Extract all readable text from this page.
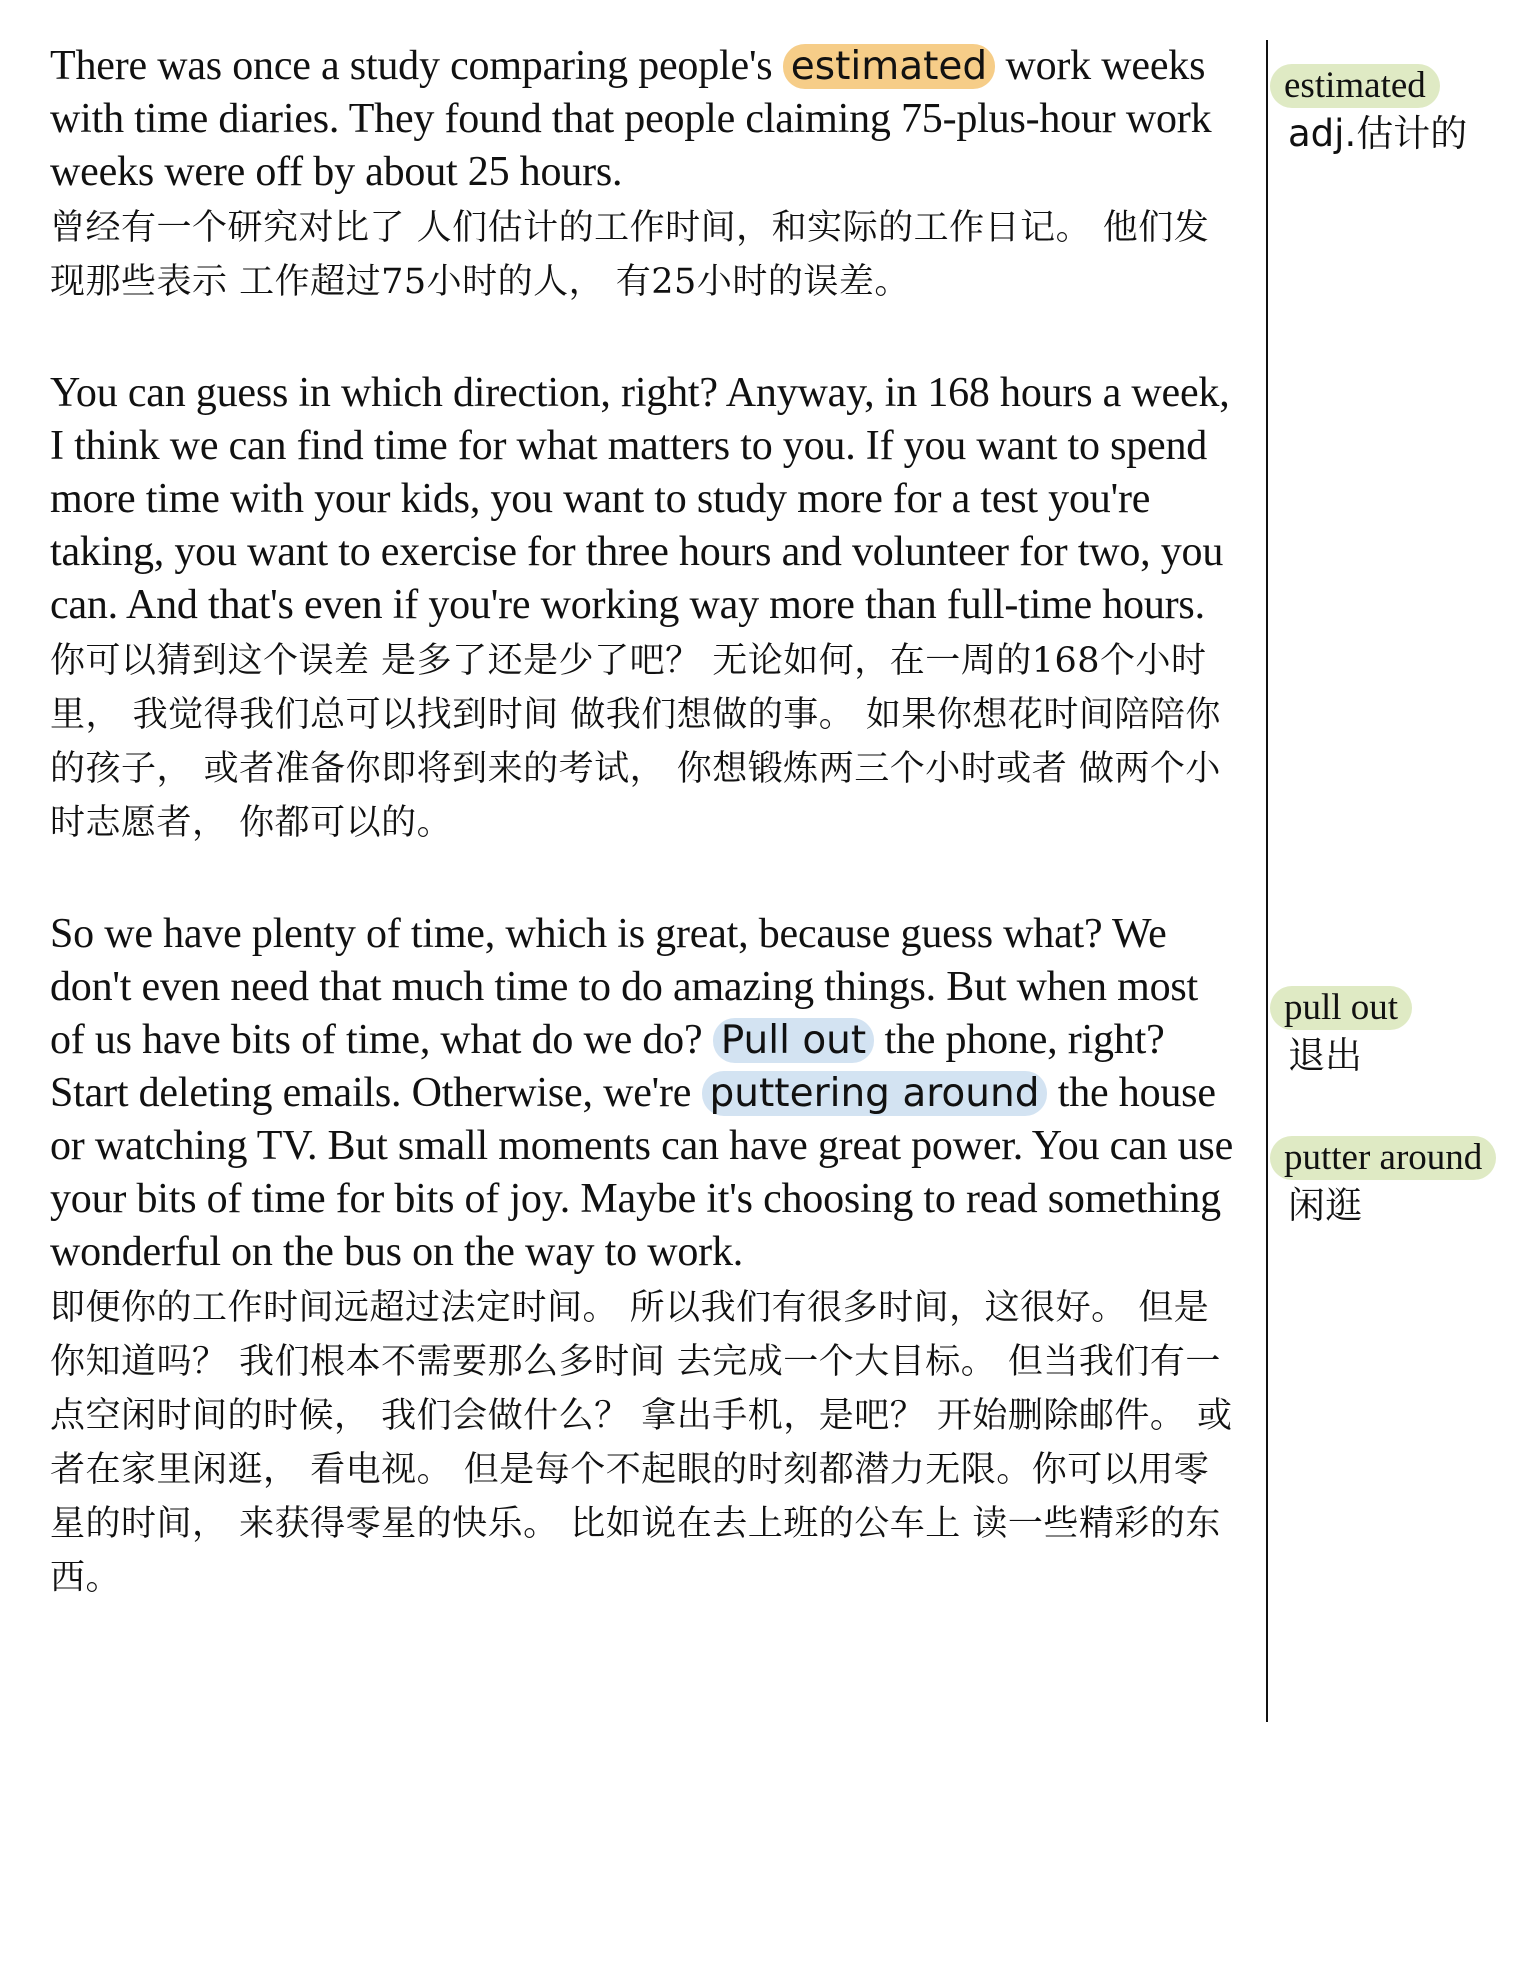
There was once a study comparing people's estimated work weeks with time diaries. They found that people claiming 75-plus-hour work weeks were off by about 25 hours.

曾经有一个研究对比了 人们估计的工作时间，和实际的工作日记。 他们发现那些表示 工作超过75小时的人， 有25小时的误差。

You can guess in which direction, right? Anyway, in 168 hours a week, I think we can find time for what matters to you. If you want to spend more time with your kids, you want to study more for a test you're taking, you want to exercise for three hours and volunteer for two, you can. And that's even if you're working way more than full-time hours.

你可以猜到这个误差 是多了还是少了吧？ 无论如何，在一周的168个小时里， 我觉得我们总可以找到时间 做我们想做的事。 如果你想花时间陪陪你的孩子， 或者准备你即将到来的考试， 你想锻炼两三个小时或者 做两个小时志愿者， 你都可以的。

So we have plenty of time, which is great, because guess what? We don't even need that much time to do amazing things. But when most of us have bits of time, what do we do? Pull out the phone, right? Start deleting emails. Otherwise, we're puttering around the house or watching TV. But small moments can have great power. You can use your bits of time for bits of joy. Maybe it's choosing to read something wonderful on the bus on the way to work.

即便你的工作时间远超过法定时间。 所以我们有很多时间，这很好。 但是你知道吗？ 我们根本不需要那么多时间 去完成一个大目标。 但当我们有一点空闲时间的时候， 我们会做什么？ 拿出手机，是吧？ 开始删除邮件。 或者在家里闲逛， 看电视。 但是每个不起眼的时刻都潜力无限。你可以用零星的时间， 来获得零星的快乐。 比如说在去上班的公车上 读一些精彩的东西。

estimated
adj.估计的
pull out
退出
putter around
闲逛
